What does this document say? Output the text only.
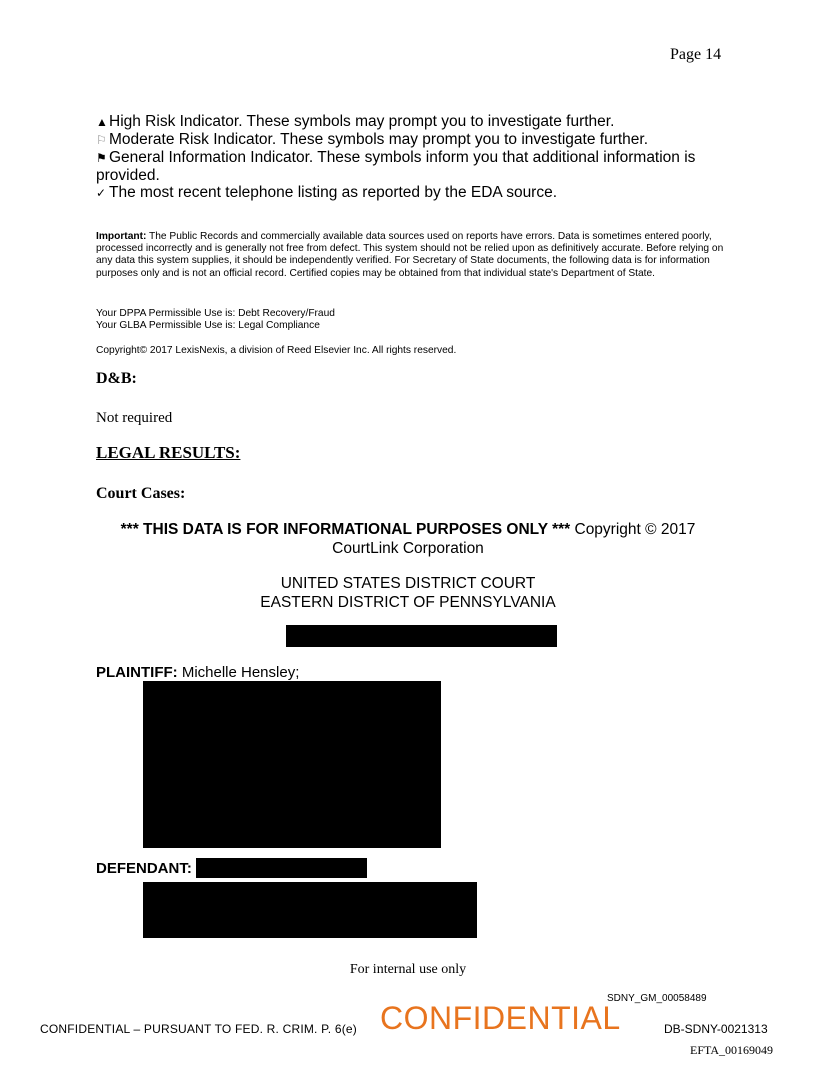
Page 14
▲High Risk Indicator. These symbols may prompt you to investigate further.
⚐ Moderate Risk Indicator. These symbols may prompt you to investigate further.
⚑ General Information Indicator. These symbols inform you that additional information is provided.
✓ The most recent telephone listing as reported by the EDA source.
Important: The Public Records and commercially available data sources used on reports have errors. Data is sometimes entered poorly, processed incorrectly and is generally not free from defect. This system should not be relied upon as definitively accurate. Before relying on any data this system supplies, it should be independently verified. For Secretary of State documents, the following data is for information purposes only and is not an official record. Certified copies may be obtained from that individual state's Department of State.
Your DPPA Permissible Use is: Debt Recovery/Fraud
Your GLBA Permissible Use is: Legal Compliance
Copyright© 2017 LexisNexis, a division of Reed Elsevier Inc. All rights reserved.
D&B:
Not required
LEGAL RESULTS:
Court Cases:
*** THIS DATA IS FOR INFORMATIONAL PURPOSES ONLY *** Copyright © 2017 CourtLink Corporation
UNITED STATES DISTRICT COURT
EASTERN DISTRICT OF PENNSYLVANIA
PLAINTIFF: Michelle Hensley;
DEFENDANT:
For internal use only
SDNY_GM_00058489
CONFIDENTIAL – PURSUANT TO FED. R. CRIM. P. 6(e) CONFIDENTIAL	DB-SDNY-0021313
EFTA_00169049
